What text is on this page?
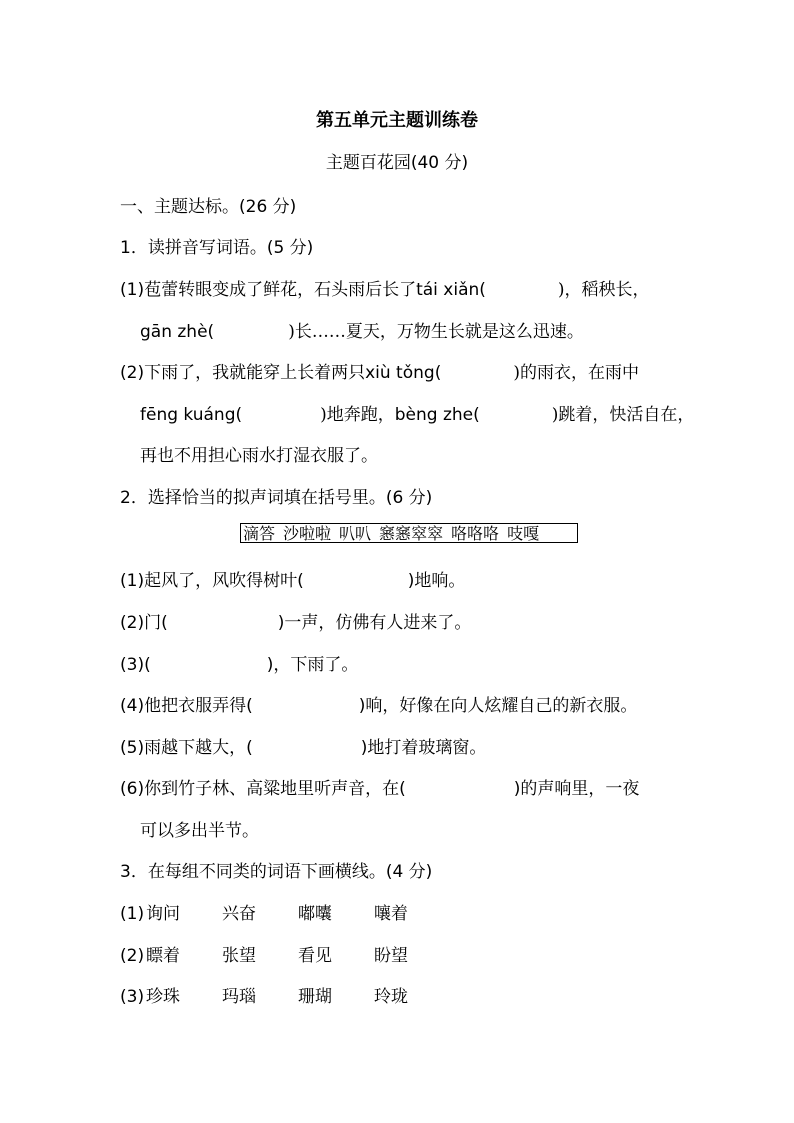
第五单元主题训练卷
主题百花园(40 分)
一、主题达标。(26 分)
1．读拼音写词语。(5 分)
(1)苞蕾转眼变成了鲜花，石头雨后长了tái xiǎn(	)，稻秧长，
gān zhè(	)长……夏天，万物生长就是这么迅速。
(2)下雨了，我就能穿上长着两只xiù tǒng(	)的雨衣，在雨中
fēng kuáng(	)地奔跑，bèng zhe(	)跳着，快活自在，
再也不用担心雨水打湿衣服了。
2．选择恰当的拟声词填在括号里。(6 分)
滴答 沙啦啦 叭叭 窸窸窣窣 咯咯咯 吱嘎
(1)起风了，风吹得树叶(	)地响。
(2)门(	)一声，仿佛有人进来了。
(3)(	)，下雨了。
(4)他把衣服弄得(	)响，好像在向人炫耀自己的新衣服。
(5)雨越下越大，(	)地打着玻璃窗。
(6)你到竹子林、高粱地里听声音，在(	)的声响里，一夜
可以多出半节。
3．在每组不同类的词语下画横线。(4 分)
(1) 询问 兴奋 嘟囔 嚷着
(2) 瞟着 张望 看见 盼望
(3) 珍珠 玛瑙 珊瑚 玲珑
